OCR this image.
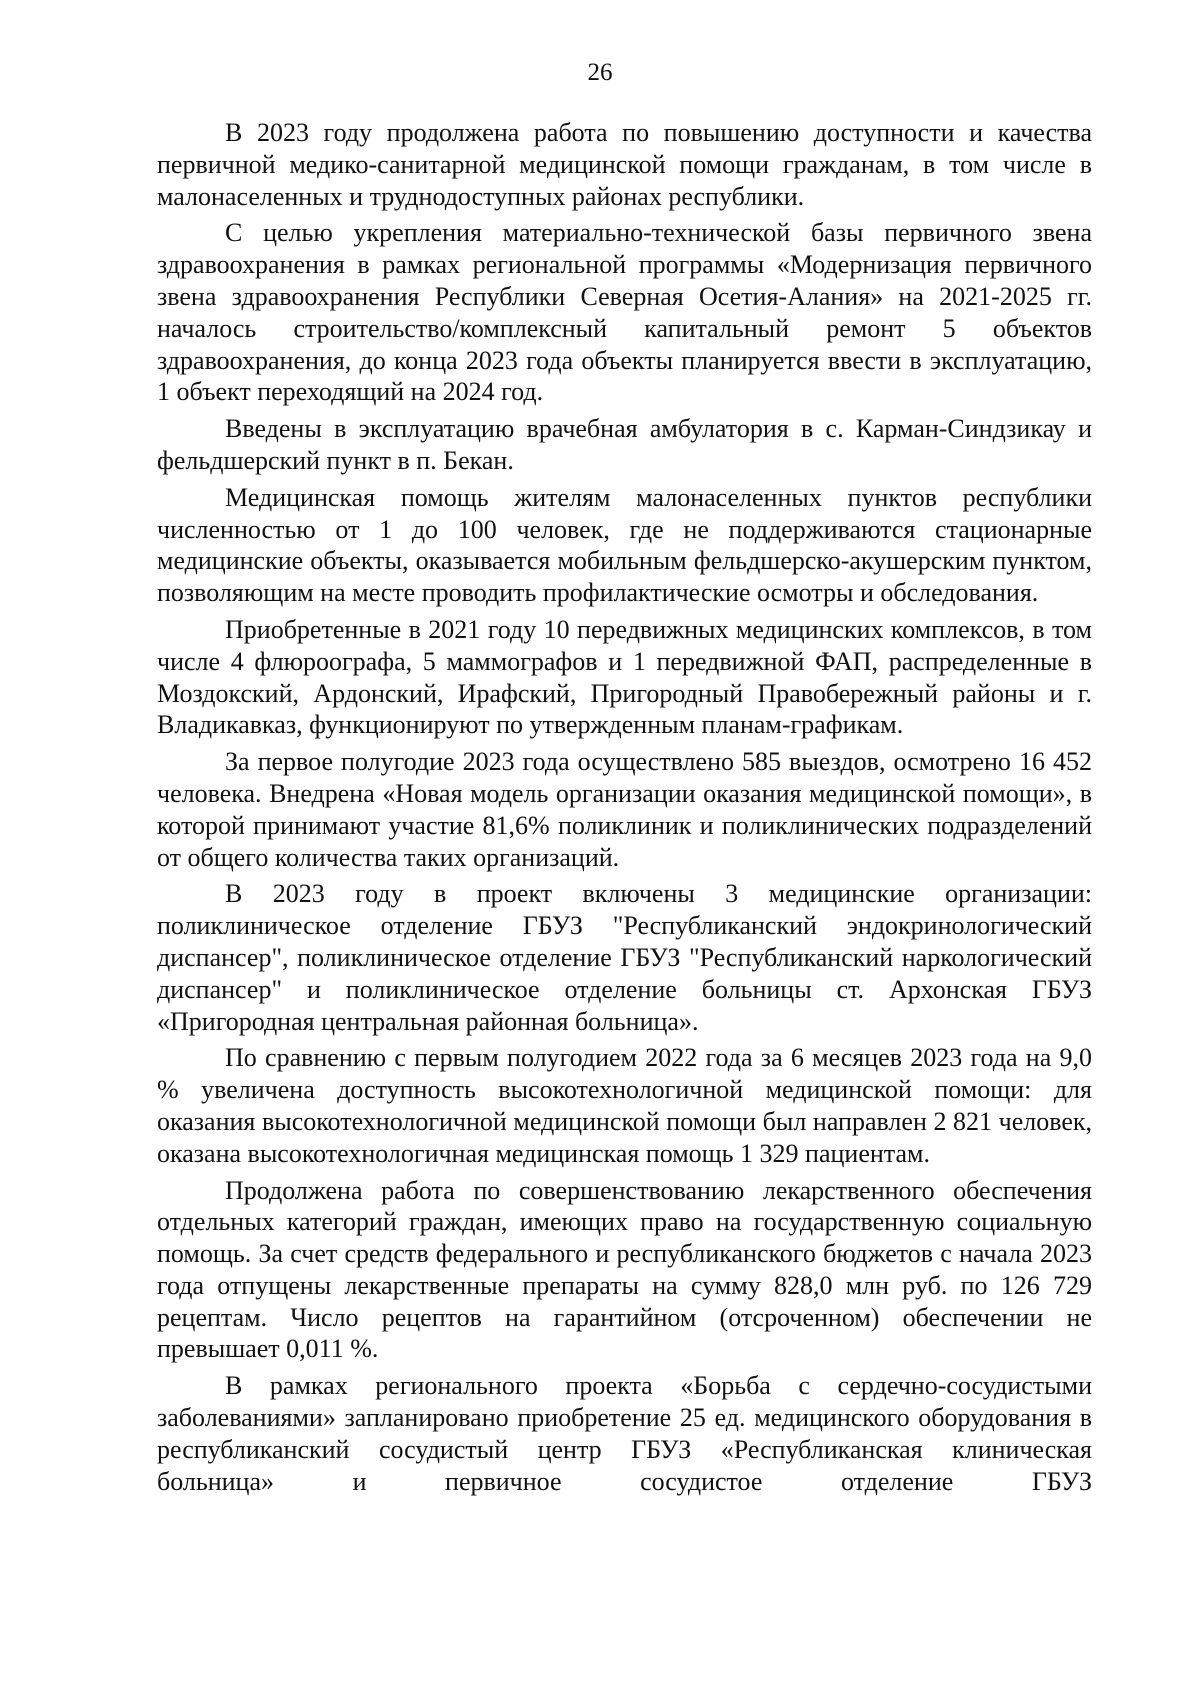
26

В 2023 году продолжена работа по повышению доступности и качества первичной медико-санитарной медицинской помощи гражданам, в том числе в малонаселенных и труднодоступных районах республики.

С целью укрепления материально-технической базы первичного звена здравоохранения в рамках региональной программы «Модернизация первичного звена здравоохранения Республики Северная Осетия-Алания» на 2021-2025 гг. началось строительство/комплексный капитальный ремонт 5 объектов здравоохранения, до конца 2023 года объекты планируется ввести в эксплуатацию, 1 объект переходящий на 2024 год.

Введены в эксплуатацию врачебная амбулатория в с. Карман-Синдзикау и фельдшерский пункт в п. Бекан.

Медицинская помощь жителям малонаселенных пунктов республики численностью от 1 до 100 человек, где не поддерживаются стационарные медицинские объекты, оказывается мобильным фельдшерско-акушерским пунктом, позволяющим на месте проводить профилактические осмотры и обследования.

Приобретенные в 2021 году 10 передвижных медицинских комплексов, в том числе 4 флюроографа, 5 маммографов и 1 передвижной ФАП, распределенные в Моздокский, Ардонский, Ирафский, Пригородный Правобережный районы и г. Владикавказ, функционируют по утвержденным планам-графикам.

За первое полугодие 2023 года осуществлено 585 выездов, осмотрено 16 452 человека. Внедрена «Новая модель организации оказания медицинской помощи», в которой принимают участие 81,6% поликлиник и поликлинических подразделений от общего количества таких организаций.

В 2023 году в проект включены 3 медицинские организации: поликлиническое отделение ГБУЗ "Республиканский эндокринологический диспансер", поликлиническое отделение ГБУЗ "Республиканский наркологический диспансер" и поликлиническое отделение больницы ст. Архонская ГБУЗ «Пригородная центральная районная больница».

По сравнению с первым полугодием 2022 года за 6 месяцев 2023 года на 9,0 % увеличена доступность высокотехнологичной медицинской помощи: для оказания высокотехнологичной медицинской помощи был направлен 2 821 человек, оказана высокотехнологичная медицинская помощь 1 329 пациентам.

Продолжена работа по совершенствованию лекарственного обеспечения отдельных категорий граждан, имеющих право на государственную социальную помощь. За счет средств федерального и республиканского бюджетов с начала 2023 года отпущены лекарственные препараты на сумму 828,0 млн руб. по 126 729 рецептам. Число рецептов на гарантийном (отсроченном) обеспечении не превышает 0,011 %.

В рамках регионального проекта «Борьба с сердечно-сосудистыми заболеваниями» запланировано приобретение 25 ед. медицинского оборудования в республиканский сосудистый центр ГБУЗ «Республиканская клиническая больница» и первичное сосудистое отделение ГБУЗ
